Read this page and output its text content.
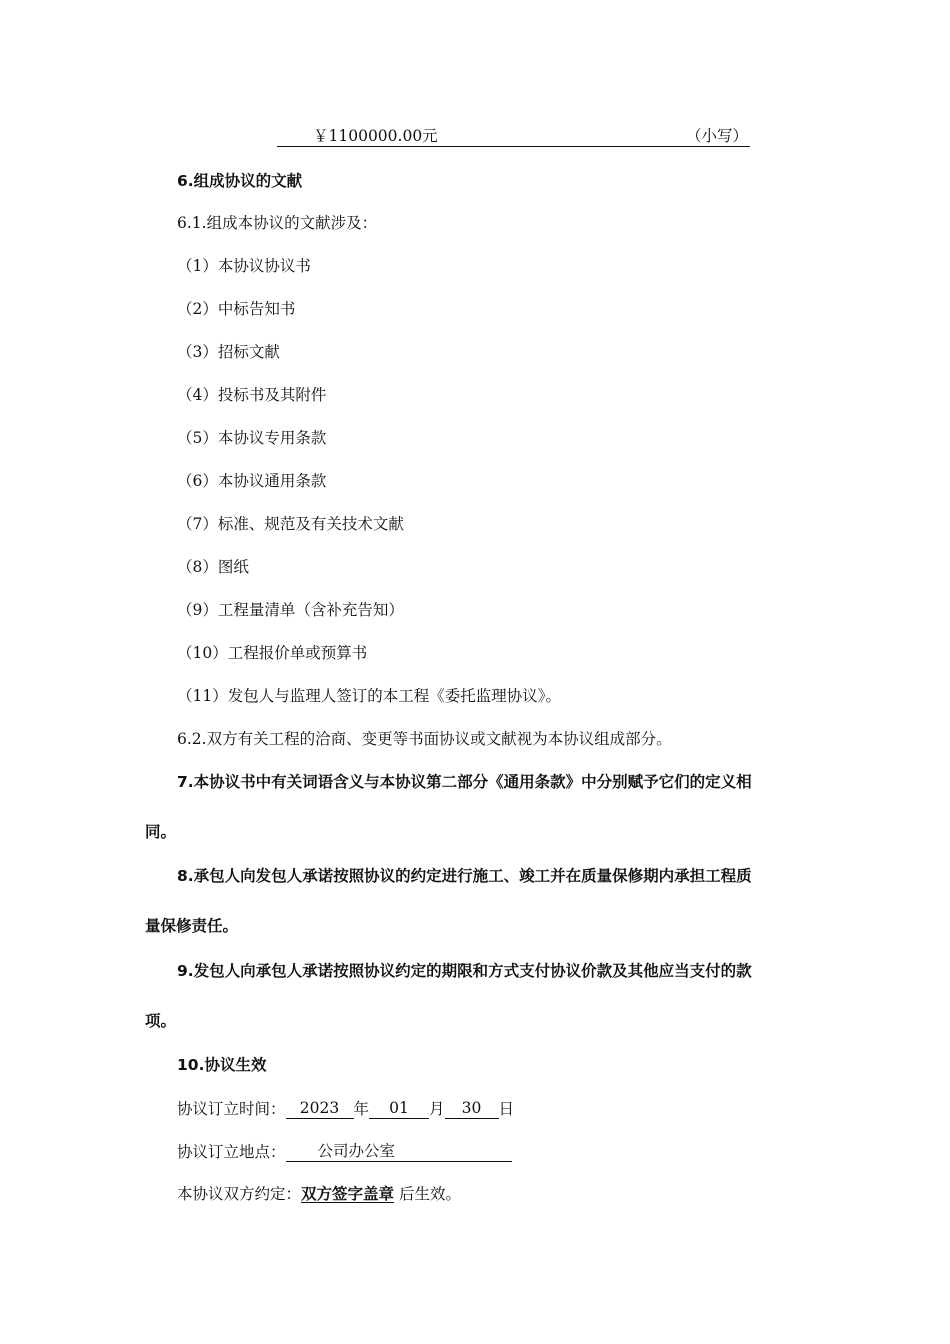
￥1100000.00元	（小写）
6.组成协议的文献
6.1.组成本协议的文献涉及：
（1）本协议协议书
（2）中标告知书
（3）招标文献
（4）投标书及其附件
（5）本协议专用条款
（6）本协议通用条款
（7）标准、规范及有关技术文献
（8）图纸
（9）工程量清单（含补充告知）
（10）工程报价单或预算书
（11）发包人与监理人签订的本工程《委托监理协议》。
6.2.双方有关工程的洽商、变更等书面协议或文献视为本协议组成部分。
7.本协议书中有关词语含义与本协议第二部分《通用条款》中分别赋予它们的定义相
同。
8.承包人向发包人承诺按照协议的约定进行施工、竣工并在质量保修期内承担工程质
量保修责任。
9.发包人向承包人承诺按照协议约定的期限和方式支付协议价款及其他应当支付的款
项。
10.协议生效
协议订立时间： 2023 年 01 月 30 日
协议订立地点： 公司办公室
本协议双方约定：双方签字盖章 后生效。
